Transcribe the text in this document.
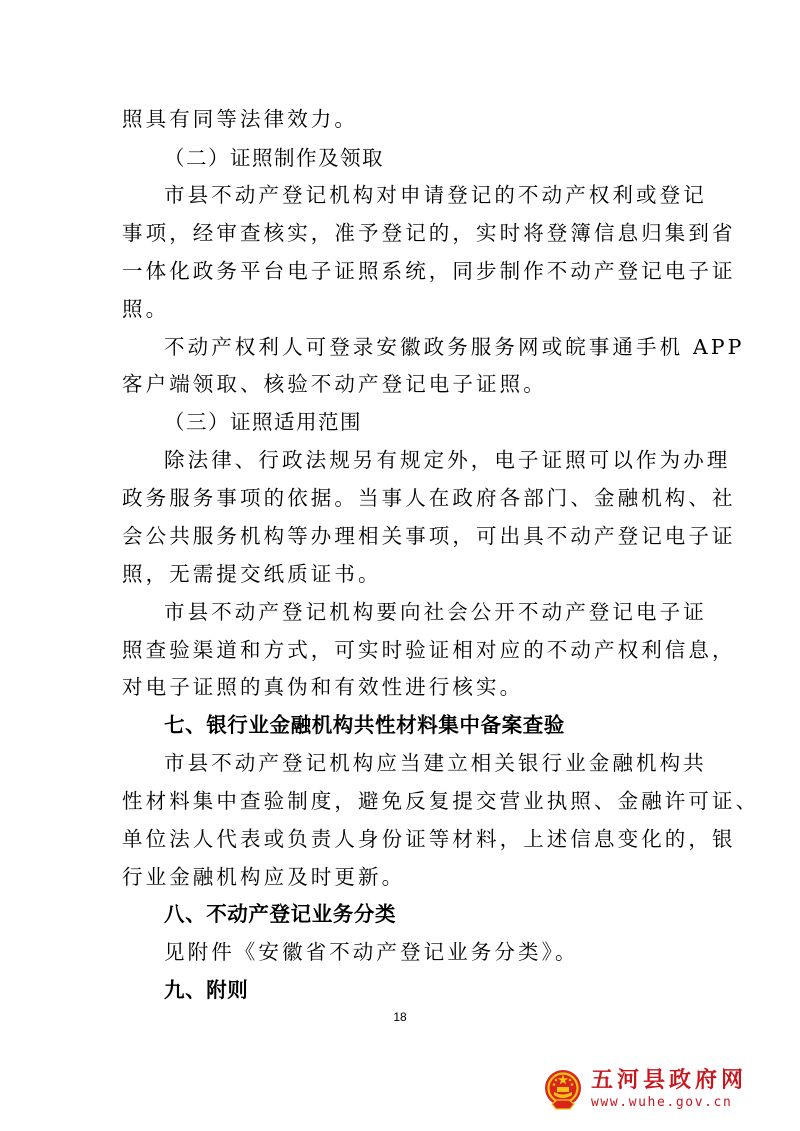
照具有同等法律效力。

（二）证照制作及领取

市县不动产登记机构对申请登记的不动产权利或登记

事项，经审查核实，准予登记的，实时将登簿信息归集到省

一体化政务平台电子证照系统，同步制作不动产登记电子证

照。

不动产权利人可登录安徽政务服务网或皖事通手机 APP

客户端领取、核验不动产登记电子证照。

（三）证照适用范围

除法律、行政法规另有规定外，电子证照可以作为办理

政务服务事项的依据。当事人在政府各部门、金融机构、社

会公共服务机构等办理相关事项，可出具不动产登记电子证

照，无需提交纸质证书。

市县不动产登记机构要向社会公开不动产登记电子证

照查验渠道和方式，可实时验证相对应的不动产权利信息，

对电子证照的真伪和有效性进行核实。

七、银行业金融机构共性材料集中备案查验

市县不动产登记机构应当建立相关银行业金融机构共

性材料集中查验制度，避免反复提交营业执照、金融许可证、

单位法人代表或负责人身份证等材料，上述信息变化的，银

行业金融机构应及时更新。

八、不动产登记业务分类

见附件《安徽省不动产登记业务分类》。

九、附则

18

五河县政府网

www.wuhe.gov.cn
